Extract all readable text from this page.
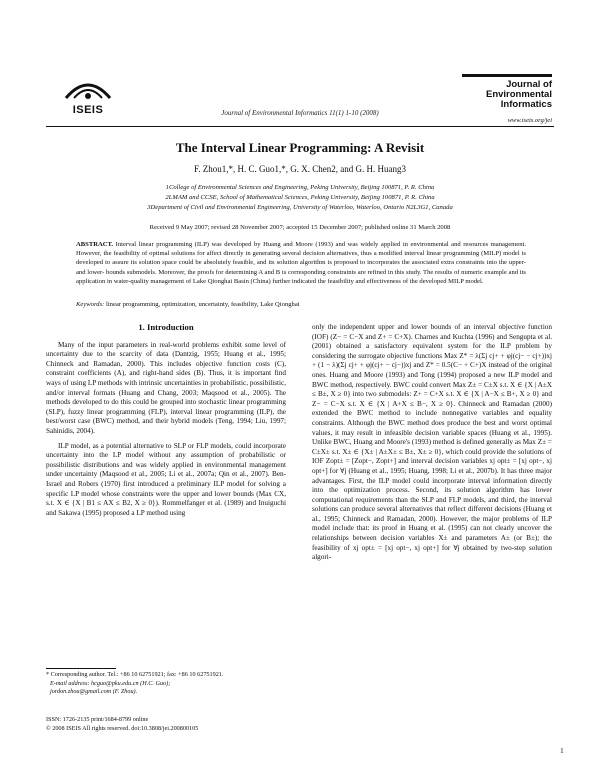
ISEIS	Journal of Environmental Informatics 11(1) 1-10 (2008)
Journal of
Environmental
Informatics
www.iseis.org/jei
The Interval Linear Programming: A Revisit
F. Zhou1,*, H. C. Guo1,*, G. X. Chen2, and G. H. Huang3
1College of Environmental Sciences and Engineering, Peking University, Beijing 100871, P. R. China
2LMAM and CCSE, School of Mathematical Sciences, Peking University, Beijing 100871, P. R. China
3Department of Civil and Environmental Engineering, University of Waterloo, Waterloo, Ontario N2L3G1, Canada
Received 9 May 2007; revised 28 November 2007; accepted 15 December 2007; published online 31 March 2008
ABSTRACT. Interval linear programming (ILP) was developed by Huang and Moore (1993) and was widely applied in environmental and resources management. However, the feasibility of optimal solutions for affect directly in generating several decision alternatives, thus a modified interval linear programming (MILP) model is developed to assure its solution space could be absolutely feasible, and its solution algorithm is proposed to incorporates the associated extra constraints into the upper- and lower- bounds submodels. Moreover, the proofs for determining A and B is corresponding constraints are refined in this study. The results of numeric example and its application in water-quality management of Lake Qionghai Basin (China) further indicated the feasibility and effectiveness of the developed MILP model.
Keywords: linear programming, optimization, uncertainty, feasibility, Lake Qionghai
1. Introduction

Many of the input parameters in real-world problems exhibit some level of uncertainty due to the scarcity of data (Dantzig, 1955; Huang et al., 1995; Chinneck and Ramadan, 2000). This includes objective function costs (C), constraint coefficients (A), and right-hand sides (B). Thus, it is important find ways of using LP methods with intrinsic uncertainties in probabilistic, possibilistic, and/or interval formats (Huang and Chang, 2003; Maqsood et al., 2005). The methods developed to do this could be grouped into stochastic linear programming (SLP), fuzzy linear programming (FLP), interval linear programming (ILP), the best/worst case (BWC) method, and their hybrid models (Teng, 1994; Liu, 1997; Sahinidis, 2004).

ILP model, as a potential alternative to SLP or FLP models, could incorporate uncertainty into the LP model without any assumption of probabilistic or possibilistic distributions and was widely applied in environmental management under uncertainty (Maqsood et al., 2005; Li et al., 2007a; Qin et al., 2007). Ben-Israel and Robers (1970) first introduced a preliminary ILP model for solving a specific LP model whose constraints were the upper and lower bounds (Max CX, s.t. X ∈ {X | B1 ≤ AX ≤ B2, X ≥ 0}). Rommelfanger et al. (1989) and Inuiguchi and Sakawa (1995) proposed a LP method using

only the independent upper and lower bounds of an interval objective function (IOF) (Z− = C−X and Z+ = C+X). Charnes and Kuchta (1996) and Sengupta et al. (2001) obtained a satisfactory equivalent system for the ILP problem by considering the surrogate objective functions Max Z* = λ(Σj cj+ + φj(cj− − cj+))xj + (1 − λ)(Σj cj+ + φj(cj+ − cj−))xj and Z* = 0.5(C− + C+)X instead of the original ones. Huang and Moore (1993) and Tong (1994) proposed a new ILP model and BWC method, respectively. BWC could convert Max Z± = C±X s.t. X ∈ {X | A±X ≤ B±, X ≥ 0} into two submodels: Z+ = C+X s.t. X ∈ {X | A−X ≤ B+, X ≥ 0} and Z− = C−X s.t. X ∈ {X | A+X ≤ B−, X ≥ 0}. Chinneck and Ramadan (2000) extended the BWC method to include nonnegative variables and equality constraints. Although the BWC method does produce the best and worst optimal values, it may result in infeasible decision variable spaces (Huang et al., 1995). Unlike BWC, Huang and Moore's (1993) method is defined generally as Max Z± = C±X± s.t. X± ∈ {X± | A±X± ≤ B±, X± ≥ 0}, which could provide the solutions of IOF Zopt± = [Zopt−, Zopt+] and interval decision variables xj opt± = [xj opt−, xj opt+] for ∀j (Huang et al., 1995; Huang, 1998; Li et al., 2007b). It has three major advantages. First, the ILP model could incorporate interval information directly into the optimization process. Second, its solution algorithm has lower computational requirements than the SLP and FLP models, and third, the interval solutions can produce several alternatives that reflect different decisions (Huang et al., 1995; Chinneck and Ramadan, 2000). However, the major problems of ILP model include that: its proof in Huang et al. (1995) can not clearly uncover the relationships between decision variables X± and parameters A± (or B±); the feasibility of xj opt± = [xj opt−, xj opt+] for ∀j obtained by two-step solution algori-

* Corresponding author. Tel.: +86 10 62751921; fax: +86 10 62751921.
E-mail address: hcguo@pku.edu.cn (H.C. Guo);
jordon.zhou@gmail.com (F. Zhou).
ISSN: 1726-2135 print/1684-8799 online
© 2008 ISEIS All rights reserved. doi:10.3808/jei.200800105
1
